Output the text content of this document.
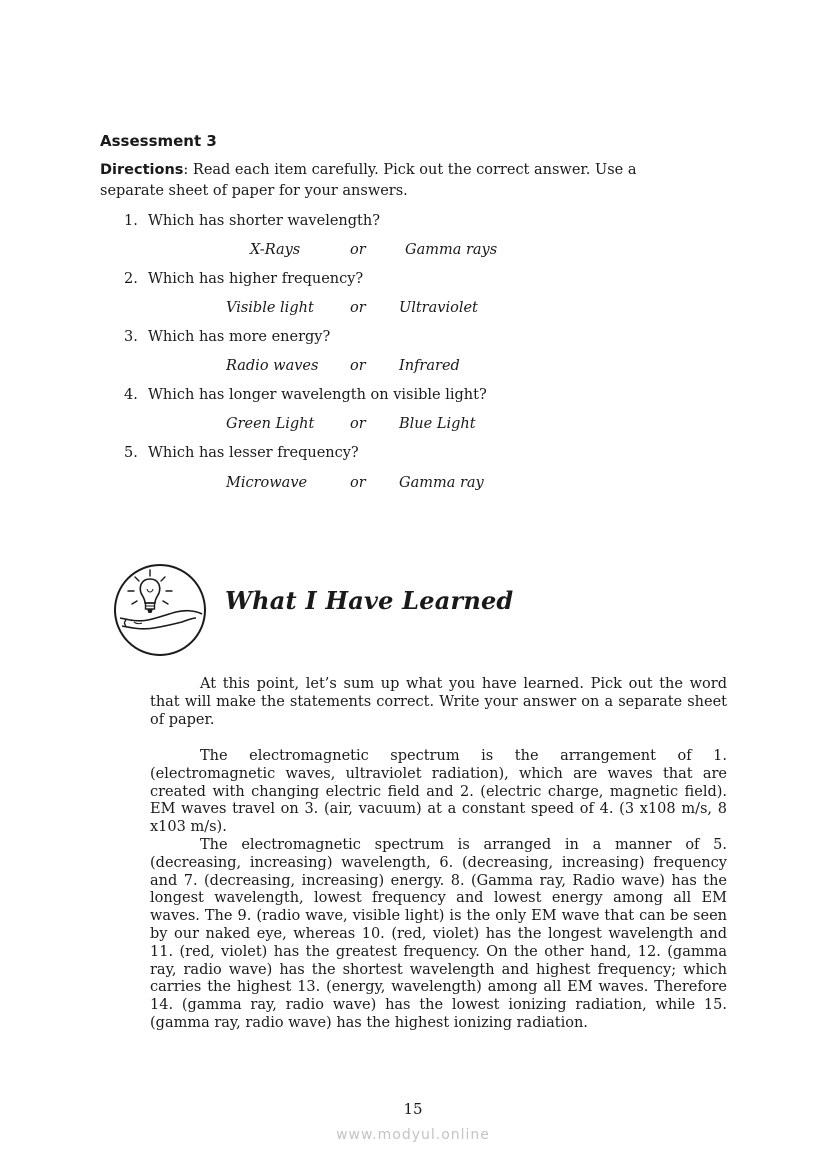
Assessment 3
Directions: Read each item carefully. Pick out the correct answer. Use a separate sheet of paper for your answers.
1. Which has shorter wavelength?
X-Rays	or	Gamma rays
2. Which has higher frequency?
Visible light or Ultraviolet
3. Which has more energy?
Radio waves or Infrared
4. Which has longer wavelength on visible light?
Green Light or Blue Light
5. Which has lesser frequency?
Microwave	or Gamma ray
What I Have Learned
At this point, let’s sum up what you have learned. Pick out the word that will make the statements correct. Write your answer on a separate sheet of paper.
The electromagnetic spectrum is the arrangement of 1. (electromagnetic waves, ultraviolet radiation), which are waves that are created with changing electric field and 2. (electric charge, magnetic field). EM waves travel on 3. (air, vacuum) at a constant speed of 4. (3 x108 m/s, 8 x103 m/s).
The electromagnetic spectrum is arranged in a manner of 5. (decreasing, increasing) wavelength, 6. (decreasing, increasing) frequency and 7. (decreasing, increasing) energy. 8. (Gamma ray, Radio wave) has the longest wavelength, lowest frequency and lowest energy among all EM waves. The 9. (radio wave, visible light) is the only EM wave that can be seen by our naked eye, whereas 10. (red, violet) has the longest wavelength and 11. (red, violet) has the greatest frequency. On the other hand, 12. (gamma ray, radio wave) has the shortest wavelength and highest frequency; which carries the highest 13. (energy, wavelength) among all EM waves. Therefore 14. (gamma ray, radio wave) has the lowest ionizing radiation, while 15. (gamma ray, radio wave) has the highest ionizing radiation.
15
www.modyul.online
